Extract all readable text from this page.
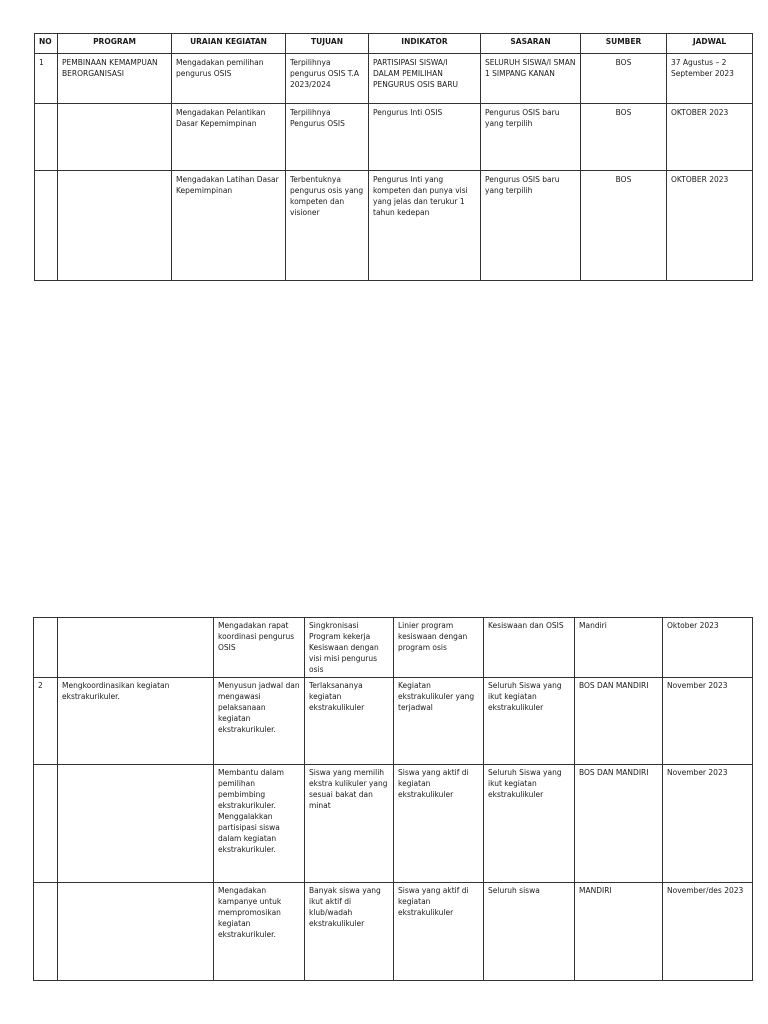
NO	PROGRAM	URAIAN KEGIATAN	TUJUAN	INDIKATOR	SASARAN	SUMBER	JADWAL
1	PEMBINAAN KEMAMPUAN BERORGANISASI	Mengadakan pemilihan pengurus OSIS	Terpilihnya pengurus OSIS T.A 2023/2024	PARTISIPASI SISWA/I DALAM PEMILIHAN PENGURUS OSIS BARU	SELURUH SISWA/I SMAN 1 SIMPANG KANAN	BOS	37 Agustus – 2 September 2023
		Mengadakan Pelantikan Dasar Kepemimpinan	Terpilihnya Pengurus OSIS	Pengurus Inti OSIS	Pengurus OSIS baru yang terpilih	BOS	OKTOBER 2023
		Mengadakan Latihan Dasar Kepemimpinan	Terbentuknya pengurus osis yang kompeten dan visioner	Pengurus Inti yang kompeten dan punya visi yang jelas dan terukur 1 tahun kedepan	Pengurus OSIS baru yang terpilih	BOS	OKTOBER 2023
		Mengadakan rapat koordinasi pengurus OSIS	Singkronisasi Program kekerja Kesiswaan dengan visi misi pengurus osis	Linier program kesiswaan dengan program osis	Kesiswaan dan OSIS	Mandiri	Oktober 2023
2	Mengkoordinasikan kegiatan ekstrakurikuler.	Menyusun jadwal dan mengawasi pelaksanaan kegiatan ekstrakurikuler.	Terlaksananya kegiatan ekstrakulikuler	Kegiatan ekstrakulikuler yang terjadwal	Seluruh Siswa yang ikut kegiatan ekstrakulikuler	BOS DAN MANDIRI	November 2023
		Membantu dalam pemilihan pembimbing ekstrakurikuler. Menggalakkan partisipasi siswa dalam kegiatan ekstrakurikuler.	Siswa yang memilih ekstra kulikuler yang sesuai bakat dan minat	Siswa yang aktif di kegiatan ekstrakulikuler	Seluruh Siswa yang ikut kegiatan ekstrakulikuler	BOS DAN MANDIRI	November 2023
		Mengadakan kampanye untuk mempromosikan kegiatan ekstrakurikuler.	Banyak siswa yang ikut aktif di klub/wadah ekstrakulikuler	Siswa yang aktif di kegiatan ekstrakulikuler	Seluruh siswa	MANDIRI	November/des 2023
